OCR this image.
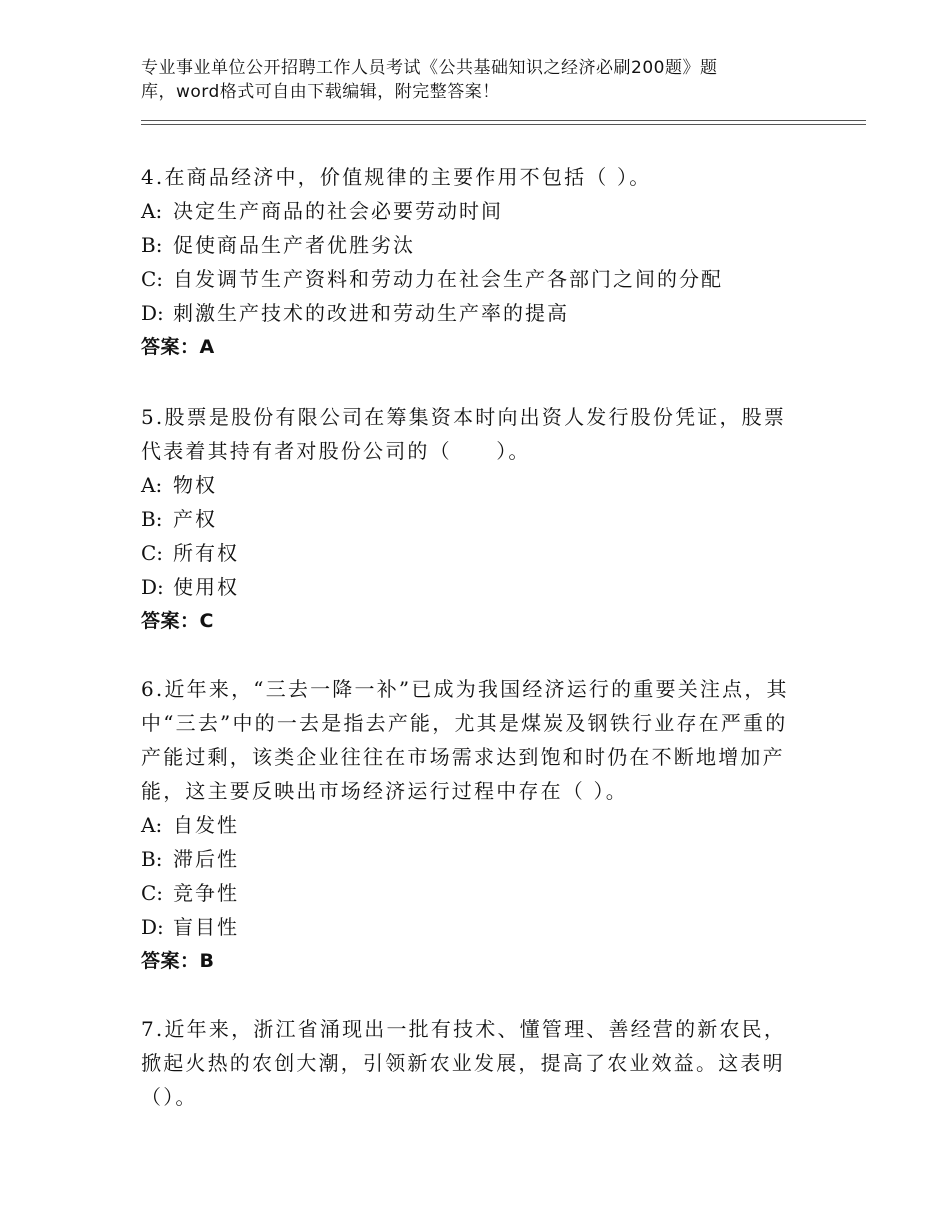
专业事业单位公开招聘工作人员考试《公共基础知识之经济必刷200题》题
库，word格式可自由下载编辑，附完整答案！

4.在商品经济中，价值规律的主要作用不包括（ ）。

A: 决定生产商品的社会必要劳动时间

B: 促使商品生产者优胜劣汰

C: 自发调节生产资料和劳动力在社会生产各部门之间的分配

D: 刺激生产技术的改进和劳动生产率的提高

答案：A

5.股票是股份有限公司在筹集资本时向出资人发行股份凭证，股票代表着其持有者对股份公司的（　　）。

A: 物权

B: 产权

C: 所有权

D: 使用权

答案：C

6.近年来，“三去一降一补”已成为我国经济运行的重要关注点，其中“三去”中的一去是指去产能，尤其是煤炭及钢铁行业存在严重的产能过剩，该类企业往往在市场需求达到饱和时仍在不断地增加产能，这主要反映出市场经济运行过程中存在（ ）。

A: 自发性

B: 滞后性

C: 竞争性

D: 盲目性

答案：B

7.近年来，浙江省涌现出一批有技术、懂管理、善经营的新农民，掀起火热的农创大潮，引领新农业发展，提高了农业效益。这表明（）。
